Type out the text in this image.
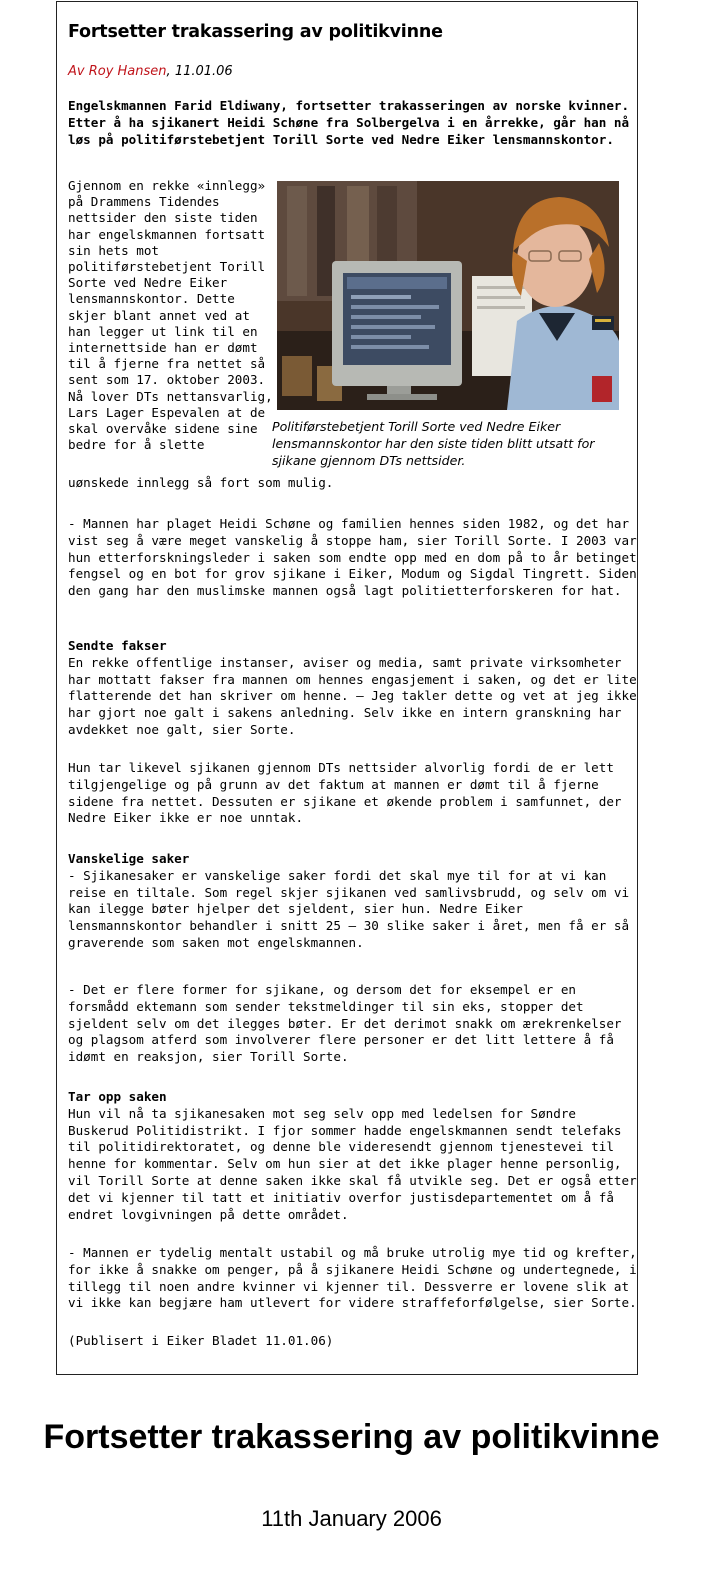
Fortsetter trakassering av politikvinne
Av Roy Hansen, 11.01.06

Engelskmannen Farid Eldiwany, fortsetter trakasseringen av norske kvinner. Etter å ha sjikanert Heidi Schøne fra Solbergelva i en årrekke, går han nå løs på politiførstebetjent Torill Sorte ved Nedre Eiker lensmannskontor.

Gjennom en rekke «innlegg» på Drammens Tidendes nettsider den siste tiden har engelskmannen fortsatt sin hets mot politiførstebetjent Torill Sorte ved Nedre Eiker lensmannskontor. Dette skjer blant annet ved at han legger ut link til en internettside han er dømt til å fjerne fra nettet så sent som 17. oktober 2003. Nå lover DTs nettansvarlig, Lars Lager Espevalen at de skal overvåke sidene sine bedre for å slette

uønskede innlegg så fort som mulig.

Politiførstebetjent Torill Sorte ved Nedre Eiker lensmannskontor har den siste tiden blitt utsatt for sjikane gjennom DTs nettsider.

- Mannen har plaget Heidi Schøne og familien hennes siden 1982, og det har vist seg å være meget vanskelig å stoppe ham, sier Torill Sorte. I 2003 var hun etterforskningsleder i saken som endte opp med en dom på to år betinget fengsel og en bot for grov sjikane i Eiker, Modum og Sigdal Tingrett. Siden den gang har den muslimske mannen også lagt politietterforskeren for hat.

Sendte fakser
En rekke offentlige instanser, aviser og media, samt private virksomheter har mottatt fakser fra mannen om hennes engasjement i saken, og det er lite flatterende det han skriver om henne. – Jeg takler dette og vet at jeg ikke har gjort noe galt i sakens anledning. Selv ikke en intern granskning har avdekket noe galt, sier Sorte.

Hun tar likevel sjikanen gjennom DTs nettsider alvorlig fordi de er lett tilgjengelige og på grunn av det faktum at mannen er dømt til å fjerne sidene fra nettet. Dessuten er sjikane et økende problem i samfunnet, der Nedre Eiker ikke er noe unntak.

Vanskelige saker
- Sjikanesaker er vanskelige saker fordi det skal mye til for at vi kan reise en tiltale. Som regel skjer sjikanen ved samlivsbrudd, og selv om vi kan ilegge bøter hjelper det sjeldent, sier hun. Nedre Eiker lensmannskontor behandler i snitt 25 – 30 slike saker i året, men få er så graverende som saken mot engelskmannen.

- Det er flere former for sjikane, og dersom det for eksempel er en forsmådd ektemann som sender tekstmeldinger til sin eks, stopper det sjeldent selv om det ilegges bøter. Er det derimot snakk om ærekrenkelser og plagsom atferd som involverer flere personer er det litt lettere å få idømt en reaksjon, sier Torill Sorte.

Tar opp saken
Hun vil nå ta sjikanesaken mot seg selv opp med ledelsen for Søndre Buskerud Politidistrikt. I fjor sommer hadde engelskmannen sendt telefaks til politidirektoratet, og denne ble videresendt gjennom tjenestevei til henne for kommentar. Selv om hun sier at det ikke plager henne personlig, vil Torill Sorte at denne saken ikke skal få utvikle seg. Det er også etter det vi kjenner til tatt et initiativ overfor justisdepartementet om å få endret lovgivningen på dette området.

- Mannen er tydelig mentalt ustabil og må bruke utrolig mye tid og krefter, for ikke å snakke om penger, på å sjikanere Heidi Schøne og undertegnede, i tillegg til noen andre kvinner vi kjenner til. Dessverre er lovene slik at vi ikke kan begjære ham utlevert for videre straffeforfølgelse, sier Sorte.

(Publisert i Eiker Bladet 11.01.06)

Fortsetter trakassering av politikvinne
11th January 2006
